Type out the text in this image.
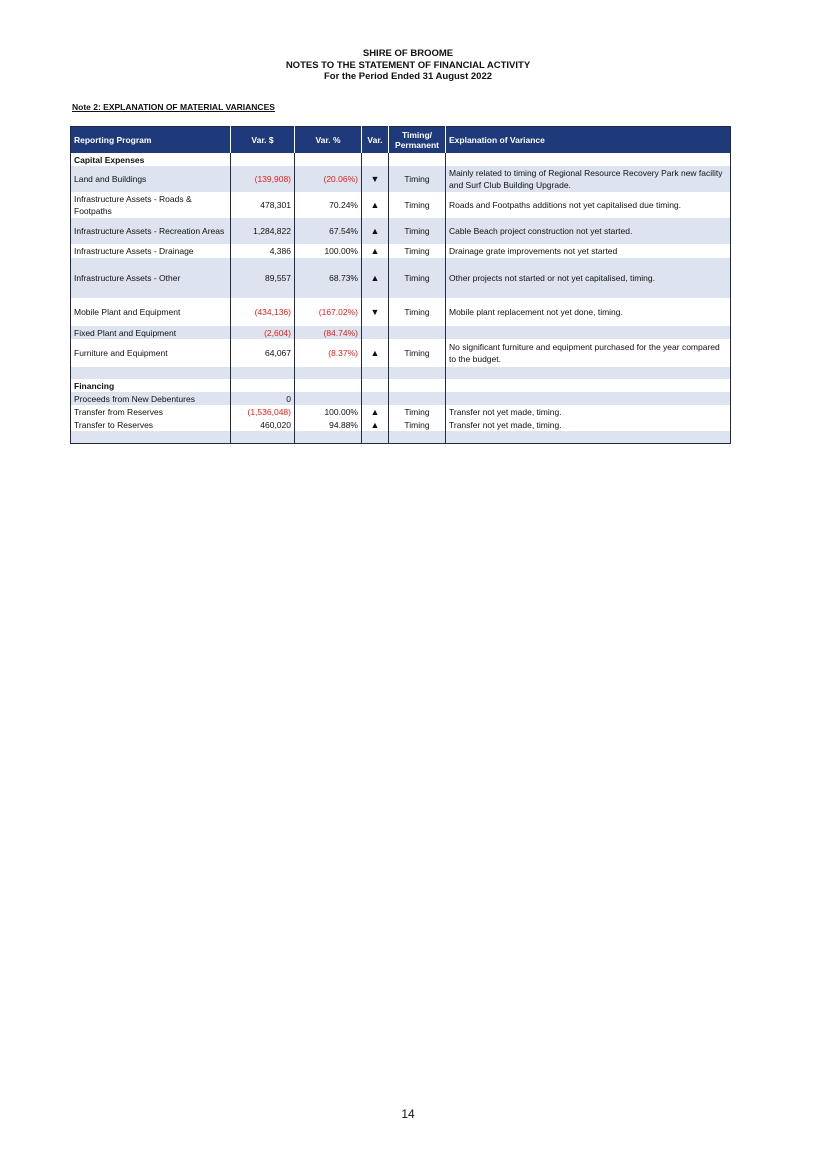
SHIRE OF BROOME
NOTES TO THE STATEMENT OF FINANCIAL ACTIVITY
For the Period Ended 31 August 2022
Note 2: EXPLANATION OF MATERIAL VARIANCES
Reporting Program	Var. $	Var. %	Var.	Timing/ Permanent	Explanation of Variance
Capital Expenses					
Land and Buildings	(139,908)	(20.06%)	▼	Timing	Mainly related to timing of Regional Resource Recovery Park new facility and Surf Club Building Upgrade.
Infrastructure Assets - Roads & Footpaths	478,301	70.24%	▲	Timing	Roads and Footpaths additions not yet capitalised due timing.
Infrastructure Assets - Recreation Areas	1,284,822	67.54%	▲	Timing	Cable Beach project construction not yet started.
Infrastructure Assets - Drainage	4,386	100.00%	▲	Timing	Drainage grate improvements not yet started
Infrastructure Assets - Other	89,557	68.73%	▲	Timing	Other projects not started or not yet capitalised, timing.
Mobile Plant and Equipment	(434,136)	(167.02%)	▼	Timing	Mobile plant replacement not yet done, timing.
Fixed Plant and Equipment	(2,604)	(84.74%)			
Furniture and Equipment	64,067	(8.37%)	▲	Timing	No significant furniture and equipment purchased for the year compared to the budget.

Financing					
Proceeds from New Debentures	0				
Transfer from Reserves	(1,536,048)	100.00%	▲	Timing	Transfer not yet made, timing.
Transfer to Reserves	460,020	94.88%	▲	Timing	Transfer not yet made, timing.

14
